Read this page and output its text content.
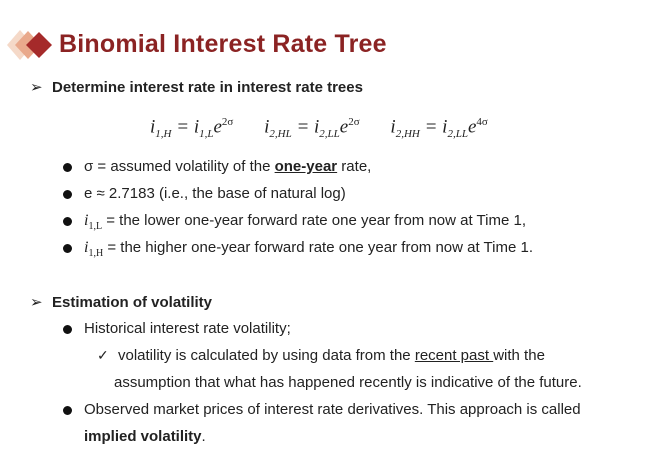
Binomial Interest Rate Tree
➢ Determine interest rate in interest rate trees
$i_{1,H} = i_{1,L}e^{2\sigma}$ $i_{2,HL} = i_{2,LL}e^{2\sigma}$ $i_{2,HH} = i_{2,LL}e^{4\sigma}$
σ = assumed volatility of the one-year rate,
e ≈ 2.7183 (i.e., the base of natural log)
$i_{1,L}$ = the lower one-year forward rate one year from now at Time 1,
$i_{1,H}$ = the higher one-year forward rate one year from now at Time 1.
➢ Estimation of volatility
Historical interest rate volatility;
✓ volatility is calculated by using data from the recent past with the
assumption that what has happened recently is indicative of the future.
Observed market prices of interest rate derivatives. This approach is called
implied volatility.
